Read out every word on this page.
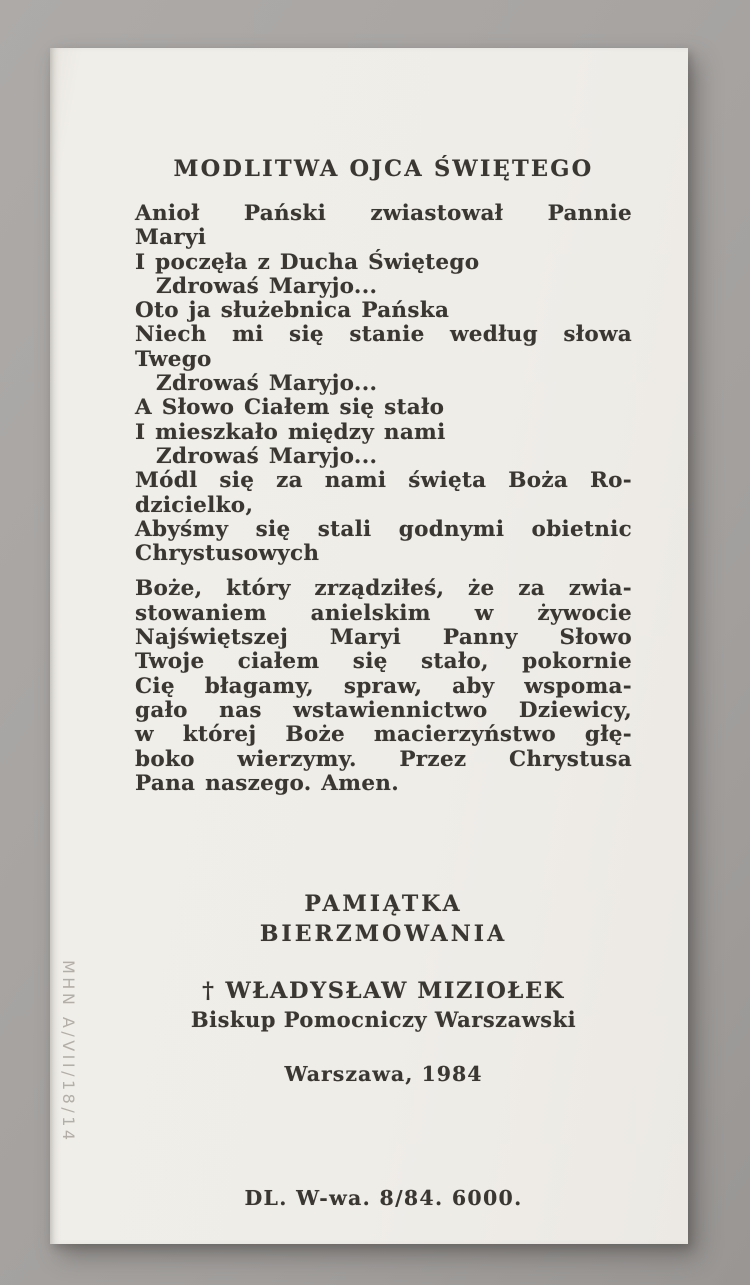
MODLITWA OJCA ŚWIĘTEGO
Anioł Pański zwiastował Pannie
Maryi
I poczęła z Ducha Świętego
Zdrowaś Maryjo...
Oto ja służebnica Pańska
Niech mi się stanie według słowa
Twego
Zdrowaś Maryjo...
A Słowo Ciałem się stało
I mieszkało między nami
Zdrowaś Maryjo...
Módl się za nami święta Boża Ro-
dzicielko,
Abyśmy się stali godnymi obietnic
Chrystusowych
Boże, który zrządziłeś, że za zwia-
stowaniem anielskim w żywocie
Najświętszej Maryi Panny Słowo
Twoje ciałem się stało, pokornie
Cię błagamy, spraw, aby wspoma-
gało nas wstawiennictwo Dziewicy,
w której Boże macierzyństwo głę-
boko wierzymy. Przez Chrystusa
Pana naszego. Amen.
PAMIĄTKA
BIERZMOWANIA
† WŁADYSŁAW MIZIOŁEK
Biskup Pomocniczy Warszawski
Warszawa, 1984
DL. W-wa. 8/84. 6000.
MHN A/VII/18/14
